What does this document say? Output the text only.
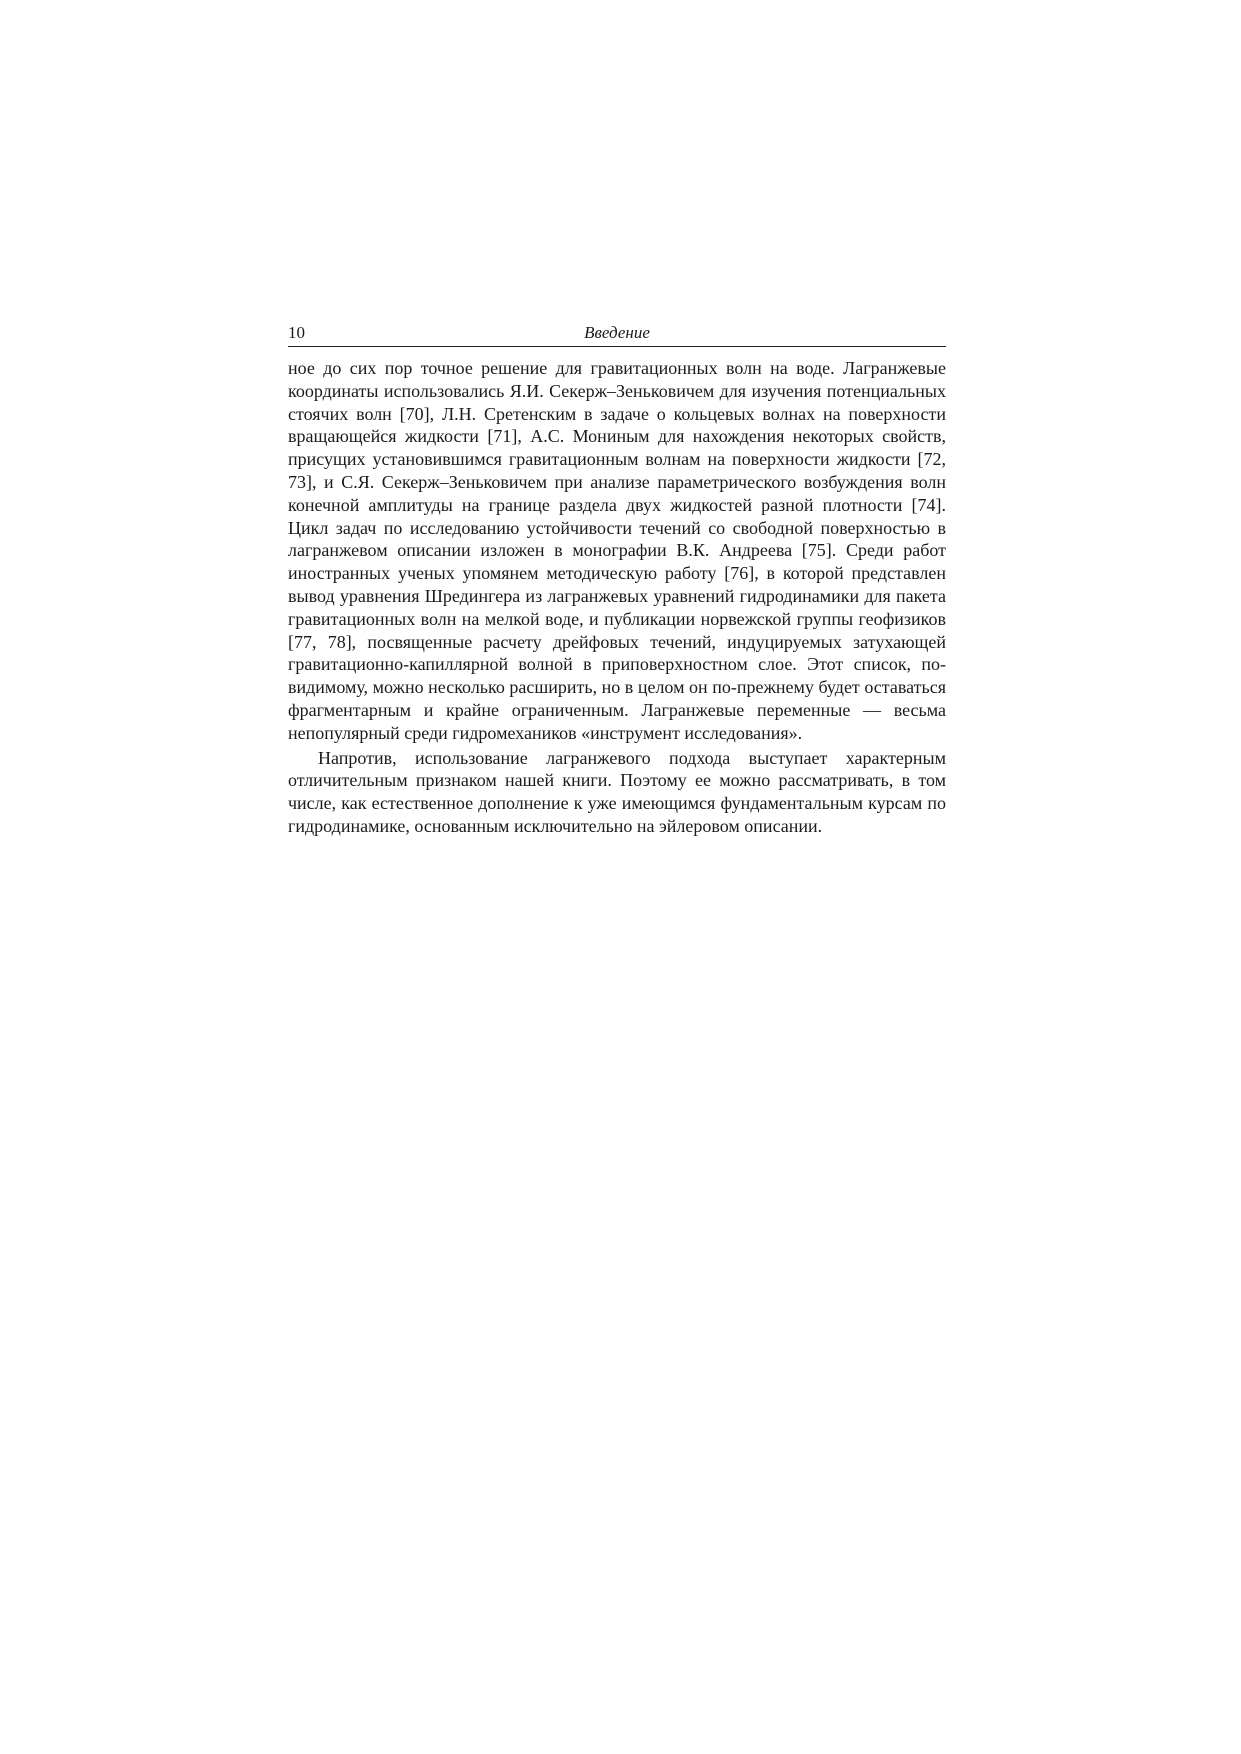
10	Введение

ное до сих пор точное решение для гравитационных волн на воде. Лагранжевые координаты использовались Я.И. Секерж–Зеньковичем для изучения потенциальных стоячих волн [70], Л.Н. Сретенским в задаче о кольцевых волнах на поверхности вращающейся жидкости [71], А.С. Мониным для нахождения некоторых свойств, присущих установившимся гравитационным волнам на поверхности жидкости [72, 73], и С.Я. Секерж–Зеньковичем при анализе параметрического возбуждения волн конечной амплитуды на границе раздела двух жидкостей разной плотности [74]. Цикл задач по исследованию устойчивости течений со свободной поверхностью в лагранжевом описании изложен в монографии В.К. Андреева [75]. Среди работ иностранных ученых упомянем методическую работу [76], в которой представлен вывод уравнения Шредингера из лагранжевых уравнений гидродинамики для пакета гравитационных волн на мелкой воде, и публикации норвежской группы геофизиков [77, 78], посвященные расчету дрейфовых течений, индуцируемых затухающей гравитационно-капиллярной волной в приповерхностном слое. Этот список, по-видимому, можно несколько расширить, но в целом он по-прежнему будет оставаться фрагментарным и крайне ограниченным. Лагранжевые переменные — весьма непопулярный среди гидромехаников «инструмент исследования».

Напротив, использование лагранжевого подхода выступает характерным отличительным признаком нашей книги. Поэтому ее можно рассматривать, в том числе, как естественное дополнение к уже имеющимся фундаментальным курсам по гидродинамике, основанным исключительно на эйлеровом описании.
